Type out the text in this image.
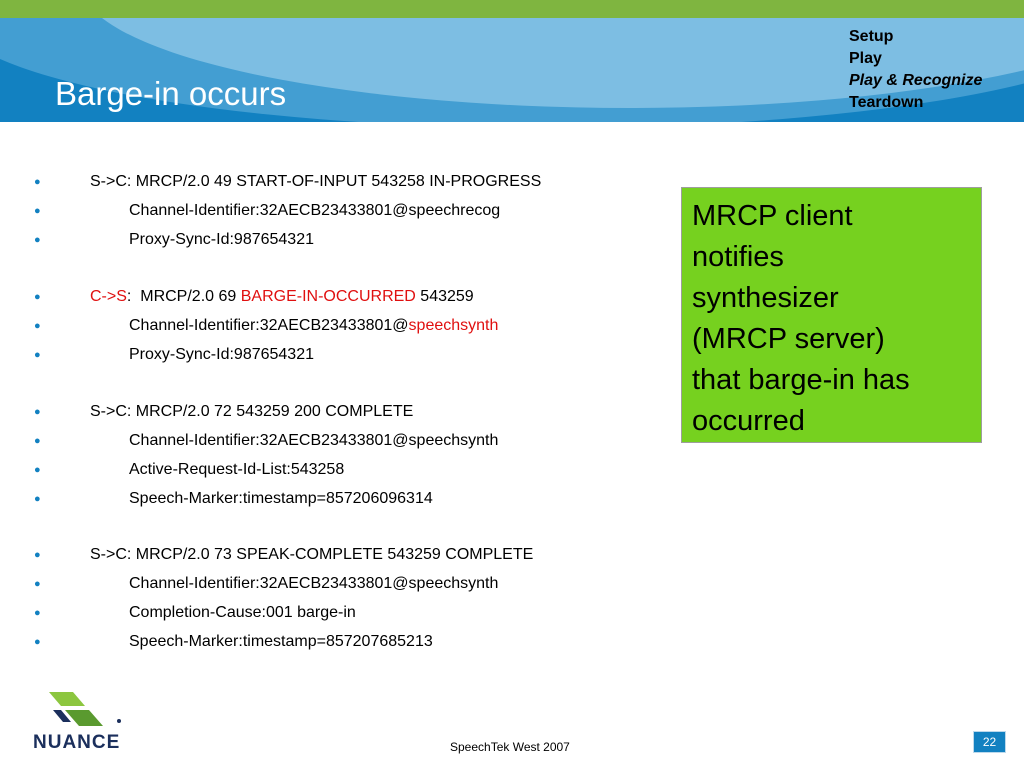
Barge-in occurs
Setup
Play
Play & Recognize
Teardown
●	S->C: MRCP/2.0 49 START-OF-INPUT 543258 IN-PROGRESS
●	Channel-Identifier:32AECB23433801@speechrecog
●	Proxy-Sync-Id:987654321
●	C->S:  MRCP/2.0 69 BARGE-IN-OCCURRED 543259
●	Channel-Identifier:32AECB23433801@speechsynth
●	Proxy-Sync-Id:987654321
●	S->C: MRCP/2.0 72 543259 200 COMPLETE
●	Channel-Identifier:32AECB23433801@speechsynth
●	Active-Request-Id-List:543258
●	Speech-Marker:timestamp=857206096314
●	S->C: MRCP/2.0 73 SPEAK-COMPLETE 543259 COMPLETE
●	Channel-Identifier:32AECB23433801@speechsynth
●	Completion-Cause:001 barge-in
●	Speech-Marker:timestamp=857207685213
MRCP client
notifies
synthesizer
(MRCP server)
that barge-in has
occurred
NUANCE	SpeechTek West 2007	22
